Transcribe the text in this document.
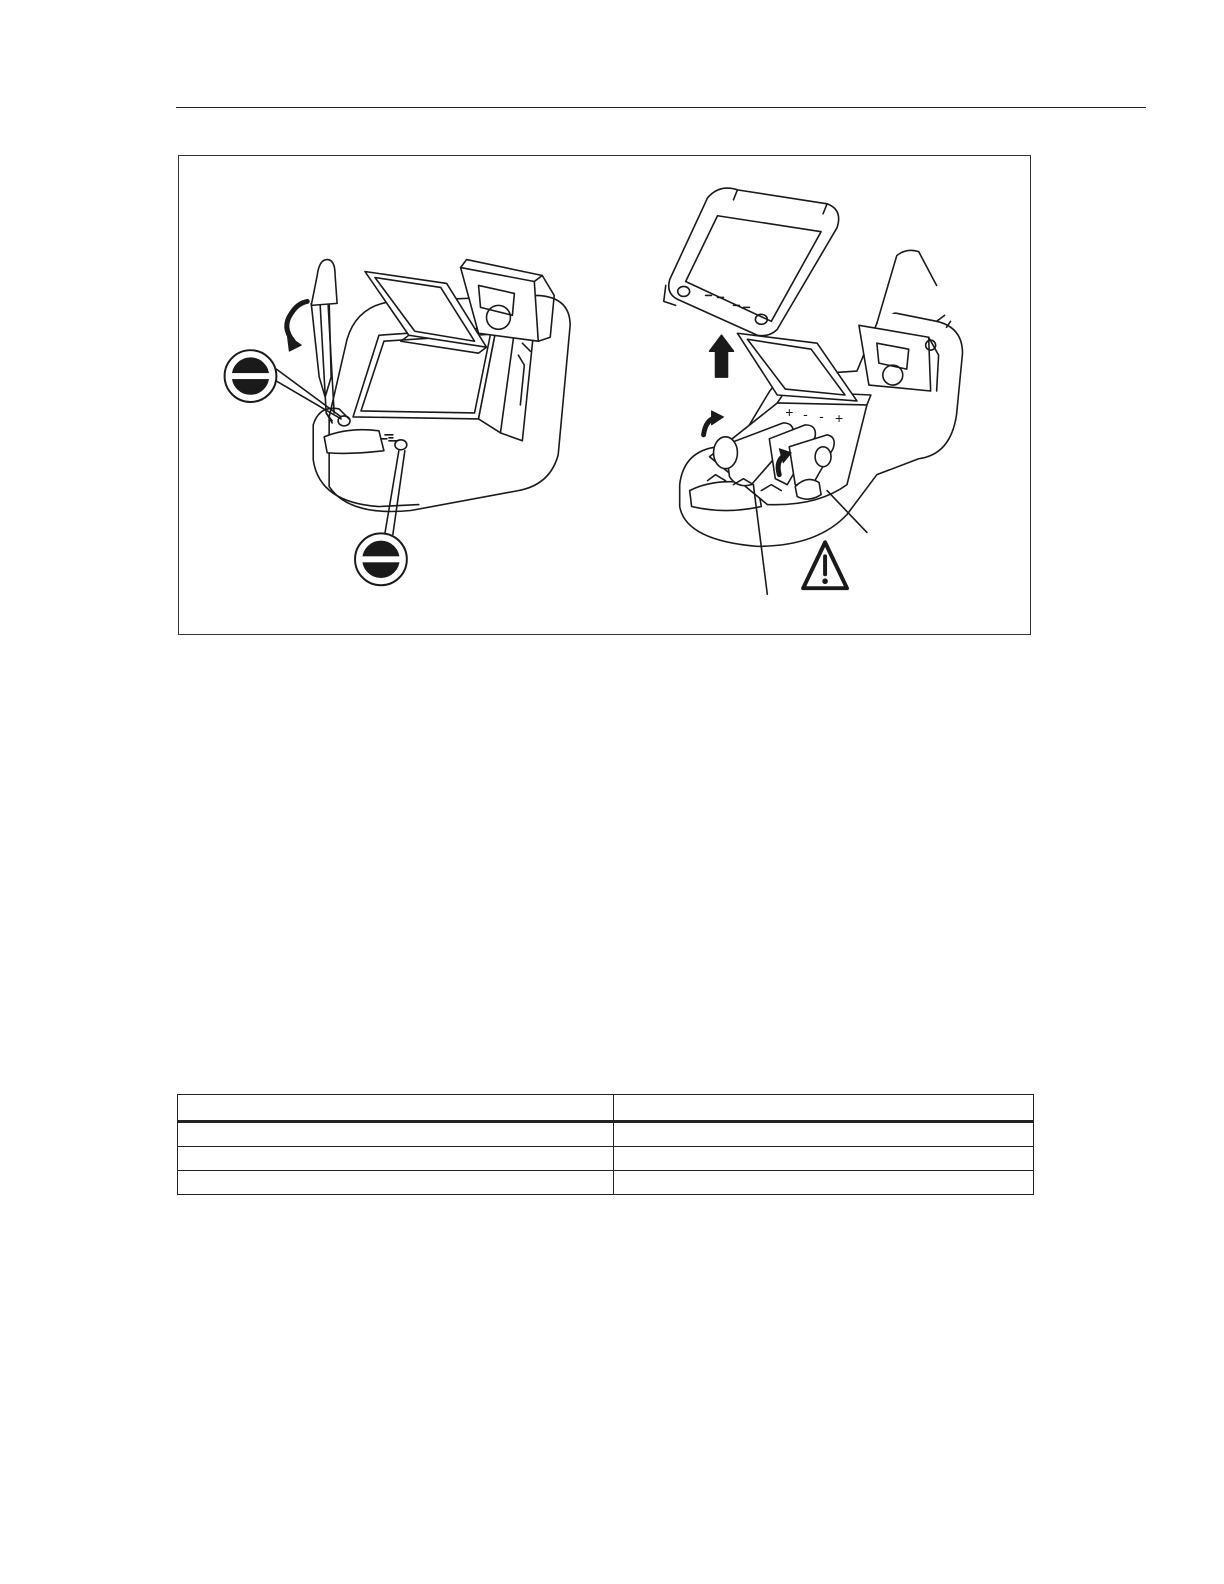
+ - - +
